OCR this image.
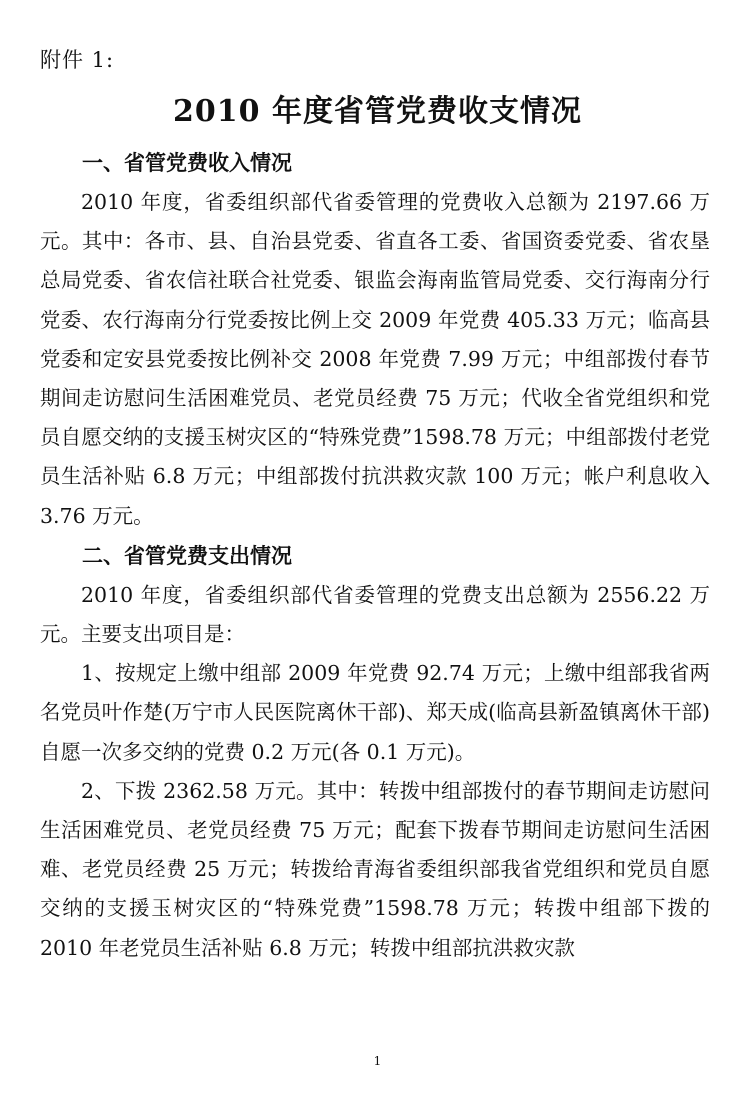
附件 1:
2010 年度省管党费收支情况
一、省管党费收入情况

2010 年度，省委组织部代省委管理的党费收入总额为 2197.66 万元。其中：各市、县、自治县党委、省直各工委、省国资委党委、省农垦总局党委、省农信社联合社党委、银监会海南监管局党委、交行海南分行党委、农行海南分行党委按比例上交 2009 年党费 405.33 万元；临高县党委和定安县党委按比例补交 2008 年党费 7.99 万元；中组部拨付春节期间走访慰问生活困难党员、老党员经费 75 万元；代收全省党组织和党员自愿交纳的支援玉树灾区的“特殊党费”1598.78 万元；中组部拨付老党员生活补贴 6.8 万元；中组部拨付抗洪救灾款 100 万元；帐户利息收入 3.76 万元。

二、省管党费支出情况

2010 年度，省委组织部代省委管理的党费支出总额为 2556.22 万元。主要支出项目是：

1、按规定上缴中组部 2009 年党费 92.74 万元；上缴中组部我省两名党员叶作楚(万宁市人民医院离休干部)、郑天成(临高县新盈镇离休干部)自愿一次多交纳的党费 0.2 万元(各 0.1 万元)。

2、下拨 2362.58 万元。其中：转拨中组部拨付的春节期间走访慰问生活困难党员、老党员经费 75 万元；配套下拨春节期间走访慰问生活困难、老党员经费 25 万元；转拨给青海省委组织部我省党组织和党员自愿交纳的支援玉树灾区的“特殊党费”1598.78 万元；转拨中组部下拨的 2010 年老党员生活补贴 6.8 万元；转拨中组部抗洪救灾款

1
